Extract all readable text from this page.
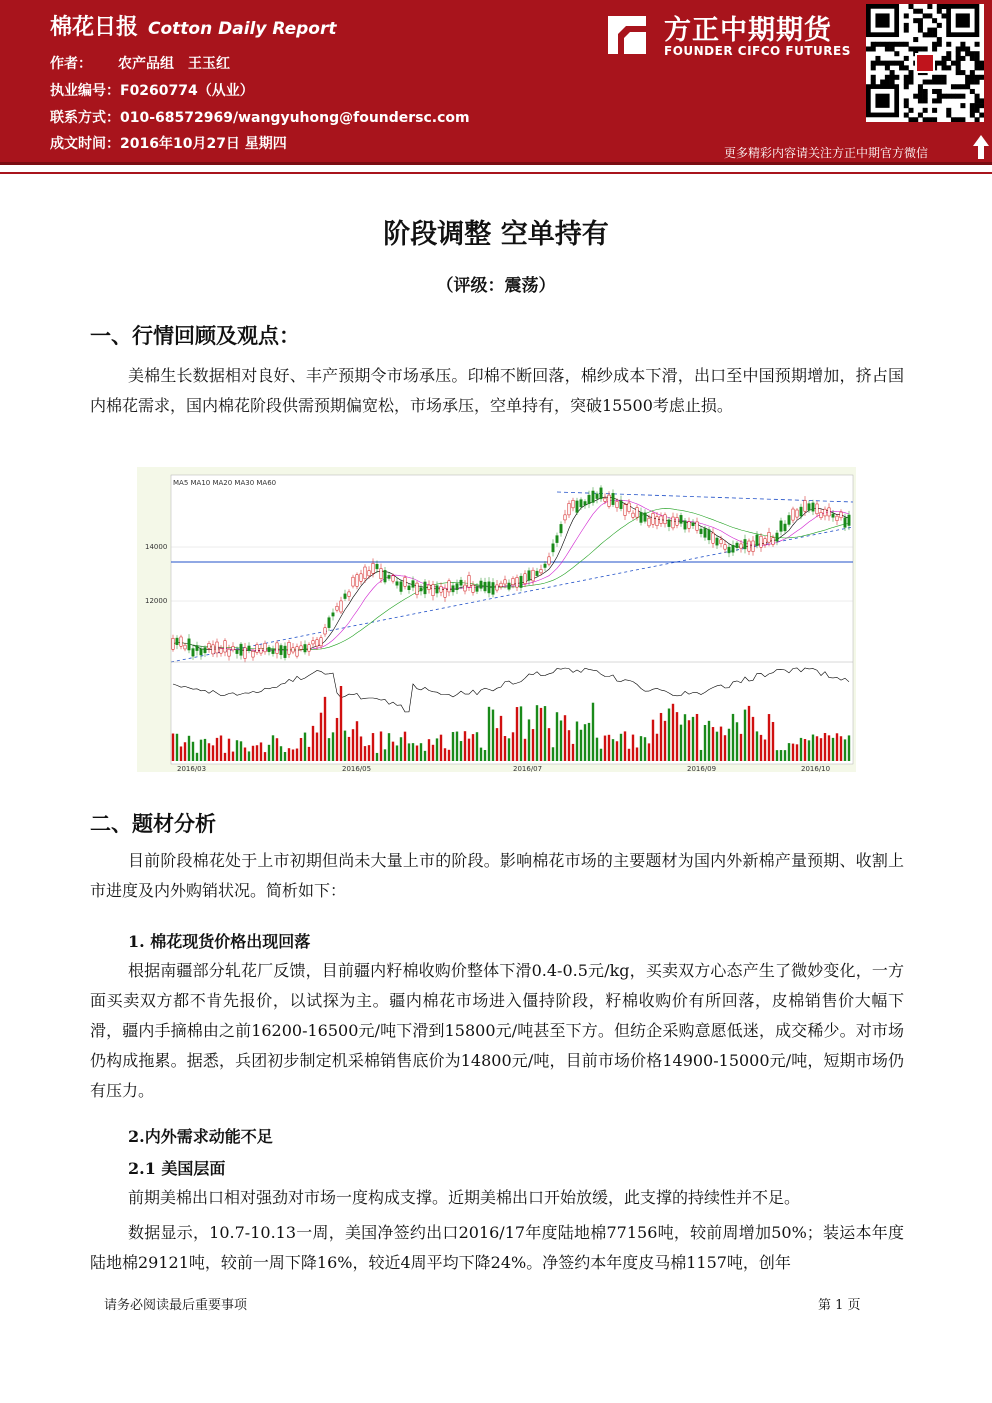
棉花日报 Cotton Daily Report
作者： 农产品组　王玉红
执业编号：F0260774（从业）
联系方式：010-68572969/wangyuhong@foundersc.com
成文时间：2016年10月27日 星期四
方正中期期货
FOUNDER CIFCO FUTURES
更多精彩内容请关注方正中期官方微信
阶段调整 空单持有
（评级：震荡）
一、行情回顾及观点：
美棉生长数据相对良好、丰产预期令市场承压。印棉不断回落，棉纱成本下滑，出口至中国预期增加，挤占国内棉花需求，国内棉花阶段供需预期偏宽松，市场承压，空单持有，突破15500考虑止损。
MA5 MA10 MA20 MA30 MA60
14000
12000
2016/03	2016/05	2016/07	2016/09	2016/10
二、题材分析
目前阶段棉花处于上市初期但尚未大量上市的阶段。影响棉花市场的主要题材为国内外新棉产量预期、收割上市进度及内外购销状况。简析如下：
1. 棉花现货价格出现回落
根据南疆部分轧花厂反馈，目前疆内籽棉收购价整体下滑0.4-0.5元/kg，买卖双方心态产生了微妙变化，一方面买卖双方都不肯先报价，以试探为主。疆内棉花市场进入僵持阶段，籽棉收购价有所回落，皮棉销售价大幅下滑，疆内手摘棉由之前16200-16500元/吨下滑到15800元/吨甚至下方。但纺企采购意愿低迷，成交稀少。对市场仍构成拖累。据悉，兵团初步制定机采棉销售底价为14800元/吨，目前市场价格14900-15000元/吨，短期市场仍有压力。
2.内外需求动能不足
2.1 美国层面
前期美棉出口相对强劲对市场一度构成支撑。近期美棉出口开始放缓，此支撑的持续性并不足。
数据显示，10.7-10.13一周，美国净签约出口2016/17年度陆地棉77156吨，较前周增加50%；装运本年度陆地棉29121吨，较前一周下降16%，较近4周平均下降24%。净签约本年度皮马棉1157吨，创年
请务必阅读最后重要事项	第 1 页
